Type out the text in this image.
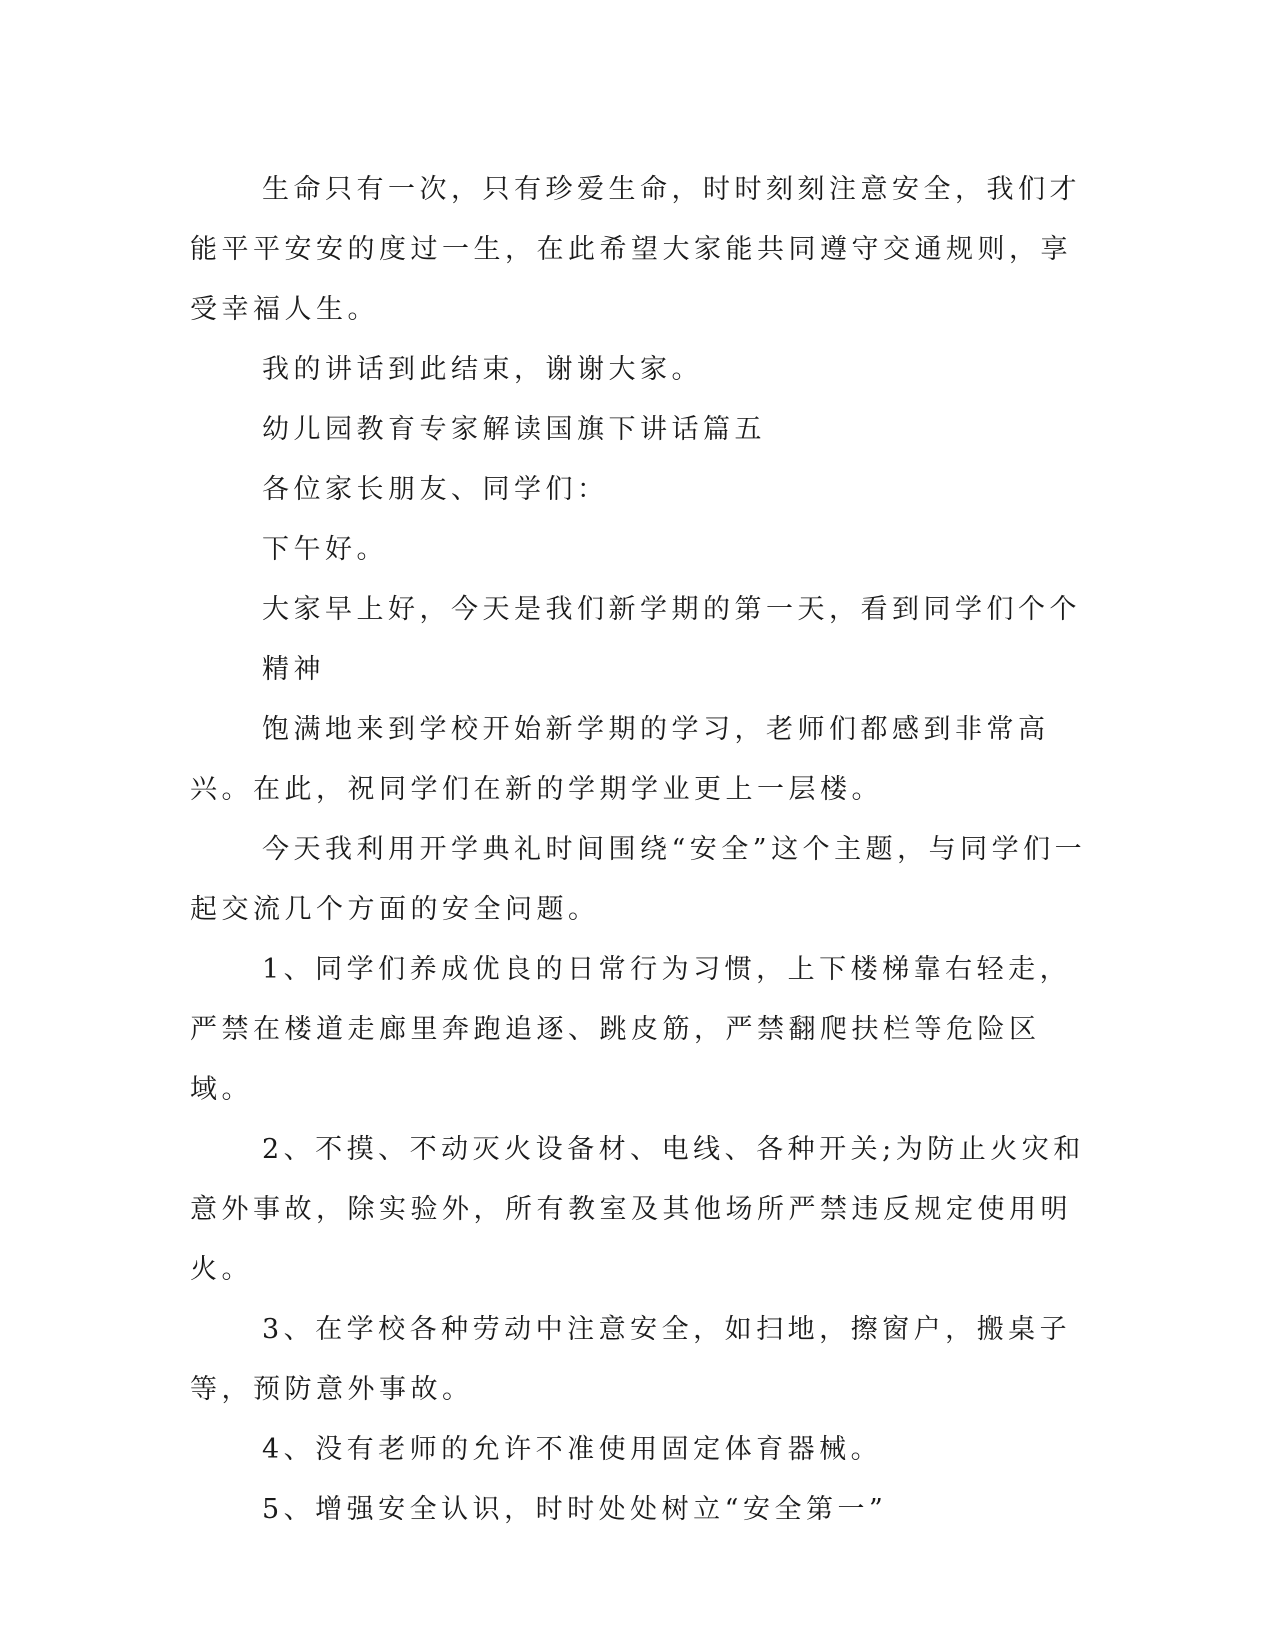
生命只有一次，只有珍爱生命，时时刻刻注意安全，我们才能平平安安的度过一生，在此希望大家能共同遵守交通规则，享受幸福人生。

我的讲话到此结束，谢谢大家。

幼儿园教育专家解读国旗下讲话篇五

各位家长朋友、同学们：

下午好。

大家早上好，今天是我们新学期的第一天，看到同学们个个

精神

饱满地来到学校开始新学期的学习，老师们都感到非常高兴。在此，祝同学们在新的学期学业更上一层楼。

今天我利用开学典礼时间围绕“安全”这个主题，与同学们一起交流几个方面的安全问题。

1、同学们养成优良的日常行为习惯，上下楼梯靠右轻走，严禁在楼道走廊里奔跑追逐、跳皮筋，严禁翻爬扶栏等危险区域。

2、不摸、不动灭火设备材、电线、各种开关;为防止火灾和意外事故，除实验外，所有教室及其他场所严禁违反规定使用明火。

3、在学校各种劳动中注意安全，如扫地，擦窗户，搬桌子等，预防意外事故。

4、没有老师的允许不准使用固定体育器械。

5、增强安全认识，时时处处树立“安全第一”
